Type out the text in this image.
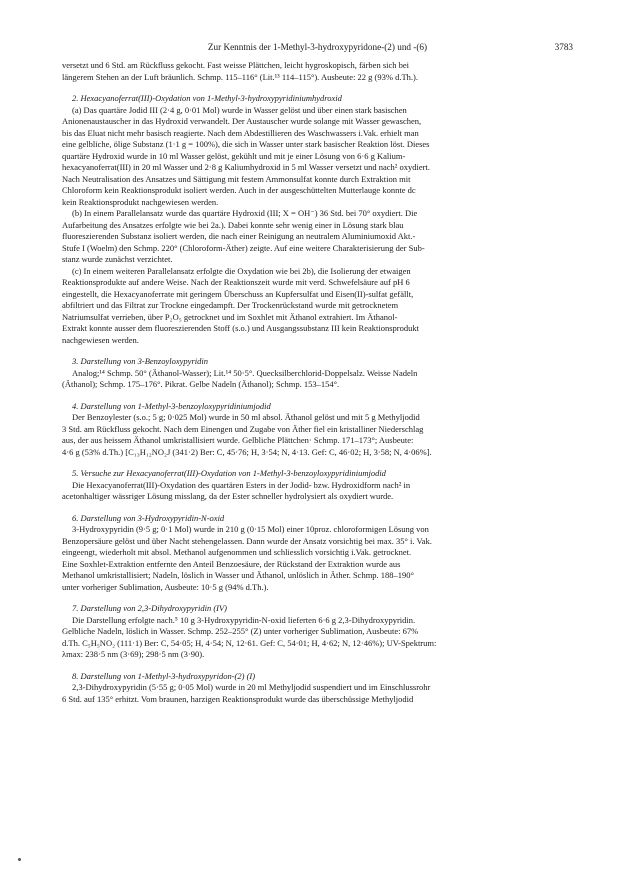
Zur Kenntnis der 1-Methyl-3-hydroxypyridone-(2) und -(6)	3783

versetzt und 6 Std. am Rückfluss gekocht. Fast weisse Plättchen, leicht hygroskopisch, färben sich bei

längerem Stehen an der Luft bräunlich. Schmp. 115–116° (Lit.¹³ 114–115°). Ausbeute: 22 g (93% d.Th.).

2. Hexacyanoferrat(III)-Oxydation von 1-Methyl-3-hydroxypyridiniumhydroxid

(a) Das quartäre Jodid III (2·4 g, 0·01 Mol) wurde in Wasser gelöst und über einen stark basischen

Anionenaustauscher in das Hydroxid verwandelt. Der Austauscher wurde solange mit Wasser gewaschen,

bis das Eluat nicht mehr basisch reagierte. Nach dem Abdestillieren des Waschwassers i.Vak. erhielt man

eine gelbliche, ölige Substanz (1·1 g = 100%), die sich in Wasser unter stark basischer Reaktion löst. Dieses

quartäre Hydroxid wurde in 10 ml Wasser gelöst, gekühlt und mit je einer Lösung von 6·6 g Kalium-

hexacyanoferrat(III) in 20 ml Wasser und 2·8 g Kaliumhydroxid in 5 ml Wasser versetzt und nach² oxydiert.

Nach Neutralisation des Ansatzes und Sättigung mit festem Ammonsulfat konnte durch Extraktion mit

Chloroform kein Reaktionsprodukt isoliert werden. Auch in der ausgeschüttelten Mutterlauge konnte dc

kein Reaktionsprodukt nachgewiesen werden.

(b) In einem Parallelansatz wurde das quartäre Hydroxid (III; X = OH⁻) 36 Std. bei 70° oxydiert. Die

Aufarbeitung des Ansatzes erfolgte wie bei 2a.). Dabei konnte sehr wenig einer in Lösung stark blau

fluoreszierenden Substanz isoliert werden, die nach einer Reinigung an neutralem Aluminiumoxid Akt.-

Stufe I (Woelm) den Schmp. 220° (Chloroform-Äther) zeigte. Auf eine weitere Charakterisierung der Sub-

stanz wurde zunächst verzichtet.

(c) In einem weiteren Parallelansatz erfolgte die Oxydation wie bei 2b), die Isolierung der etwaigen

Reaktionsprodukte auf andere Weise. Nach der Reaktionszeit wurde mit verd. Schwefelsäure auf pH 6

eingestellt, die Hexacyanoferrate mit geringem Überschuss an Kupfersulfat und Eisen(II)-sulfat gefällt,

abfiltriert und das Filtrat zur Trockne eingedampft. Der Trockenrückstand wurde mit getrocknetem

Natriumsulfat verrieben, über P₂O₅ getrocknet und im Soxhlet mit Äthanol extrahiert. Im Äthanol-

Extrakt konnte ausser dem fluoreszierenden Stoff (s.o.) und Ausgangssubstanz III kein Reaktionsprodukt

nachgewiesen werden.

3. Darstellung von 3-Benzoyloxypyridin

Analog;¹⁴ Schmp. 50° (Äthanol-Wasser); Lit.¹⁴ 50·5°. Quecksilberchlorid-Doppelsalz. Weisse Nadeln

(Äthanol); Schmp. 175–176°. Pikrat. Gelbe Nadeln (Äthanol); Schmp. 153–154°.

4. Darstellung von 1-Methyl-3-benzoyloxypyridiniumjodid

Der Benzoylester (s.o.; 5 g; 0·025 Mol) wurde in 50 ml absol. Äthanol gelöst und mit 5 g Methyljodid

3 Std. am Rückfluss gekocht. Nach dem Einengen und Zugabe von Äther fiel ein kristalliner Niederschlag

aus, der aus heissem Äthanol umkristallisiert wurde. Gelbliche Plättchen· Schmp. 171–173°; Ausbeute:

4·6 g (53% d.Th.) [C₁₃H₁₂NO₂J (341·2) Ber: C, 45·76; H, 3·54; N, 4·13. Gef: C, 46·02; H, 3·58; N, 4·06%].

5. Versuche zur Hexacyanoferrat(III)-Oxydation von 1-Methyl-3-benzoyloxypyridiniumjodid

Die Hexacyanoferrat(III)-Oxydation des quartären Esters in der Jodid- bzw. Hydroxidform nach² in

acetonhaltiger wässriger Lösung misslang, da der Ester schneller hydrolysiert als oxydiert wurde.

6. Darstellung von 3-Hydroxypyridin-N-oxid

3-Hydroxypyridin (9·5 g; 0·1 Mol) wurde in 210 g (0·15 Mol) einer 10proz. chloroformigen Lösung von

Benzopersäure gelöst und über Nacht stehengelassen. Dann wurde der Ansatz vorsichtig bei max. 35° i. Vak.

eingeengt, wiederholt mit absol. Methanol aufgenommen und schliesslich vorsichtig i.Vak. getrocknet.

Eine Soxhlet-Extraktion entfernte den Anteil Benzoesäure, der Rückstand der Extraktion wurde aus

Methanol umkristallisiert; Nadeln, löslich in Wasser und Äthanol, unlöslich in Äther. Schmp. 188–190°

unter vorheriger Sublimation, Ausbeute: 10·5 g (94% d.Th.).

7. Darstellung von 2,3-Dihydroxypyridin (IV)

Die Darstellung erfolgte nach.⁵ 10 g 3-Hydroxypyridin-N-oxid lieferten 6·6 g 2,3-Dihydroxypyridin.

Gelbliche Nadeln, löslich in Wasser. Schmp. 252–255° (Z) unter vorheriger Sublimation, Ausbeute: 67%

d.Th. C₅H₅NO₂ (111·1) Ber: C, 54·05; H, 4·54; N, 12·61. Gef: C, 54·01; H, 4·62; N, 12·46%); UV-Spektrum:

λmax: 238·5 nm (3·69); 298·5 nm (3·90).

8. Darstellung von 1-Methyl-3-hydroxypyridon-(2) (I)

2,3-Dihydroxypyridin (5·55 g; 0·05 Mol) wurde in 20 ml Methyljodid suspendiert und im Einschlussrohr

6 Std. auf 135° erhitzt. Vom braunen, harzigen Reaktionsprodukt wurde das überschüssige Methyljodid
